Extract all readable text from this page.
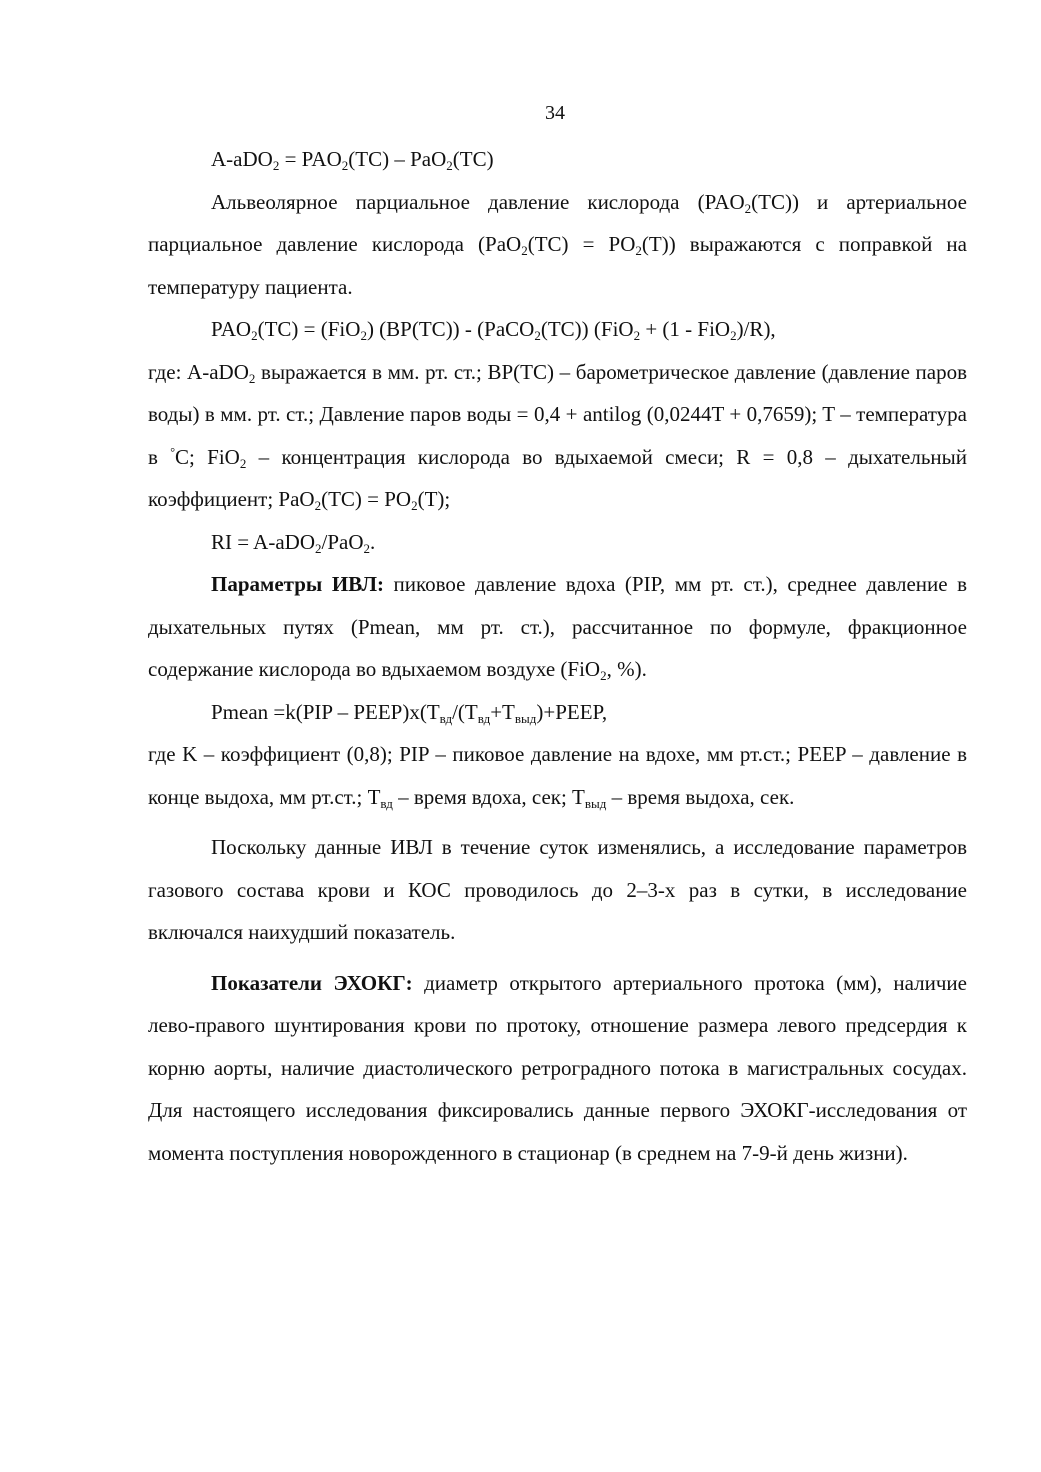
34

$A-aDO_2 = PAO_2(TC) - PaO_2(TC)$

Альвеолярное парциальное давление кислорода $(PAO_2(TC))$ и артериальное парциальное давление кислорода $(PaO_2(TC) = PO_2(T))$ выражаются с поправкой на температуру пациента.

$PAO_2(TC) = (FiO_2)$ (BP(TC)) - (PaCO$_2$(TC)) (FiO$_2$ + (1 - FiO$_2$)/R),

где: A-aDO$_2$ выражается в мм. рт. ст.; BP(TC) – барометрическое давление (давление паров воды) в мм. рт. ст.; Давление паров воды = 0,4 + antilog (0,0244T + 0,7659); T – температура в °C; FiO$_2$ – концентрация кислорода во вдыхаемой смеси; R = 0,8 – дыхательный коэффициент; $PaO_2(TC) = PO_2(T)$;

RI = A-aDO$_2$/PaO$_2$.

Параметры ИВЛ: пиковое давление вдоха (PIP, мм рт. ст.), среднее давление в дыхательных путях (Pmean, мм рт. ст.), рассчитанное по формуле, фракционное содержание кислорода во вдыхаемом воздухе (FiO$_2$, %).

Pmean $=k(PIP - PEEP)x(T_{вд}/(T_{вд}+T_{выд})+PEEP$,

где K – коэффициент (0,8); PIP – пиковое давление на вдохе, мм рт.ст.; PEEP – давление в конце выдоха, мм рт.ст.; $T_{вд}$ – время вдоха, сек; $T_{выд}$ – время выдоха, сек.

Поскольку данные ИВЛ в течение суток изменялись, а исследование параметров газового состава крови и КОС проводилось до 2–3-х раз в сутки, в исследование включался наихудший показатель.

Показатели ЭХОКГ: диаметр открытого артериального протока (мм), наличие лево-правого шунтирования крови по протоку, отношение размера левого предсердия к корню аорты, наличие диастолического ретроградного потока в магистральных сосудах. Для настоящего исследования фиксировались данные первого ЭХОКГ-исследования от момента поступления новорожденного в стационар (в среднем на 7-9-й день жизни).
